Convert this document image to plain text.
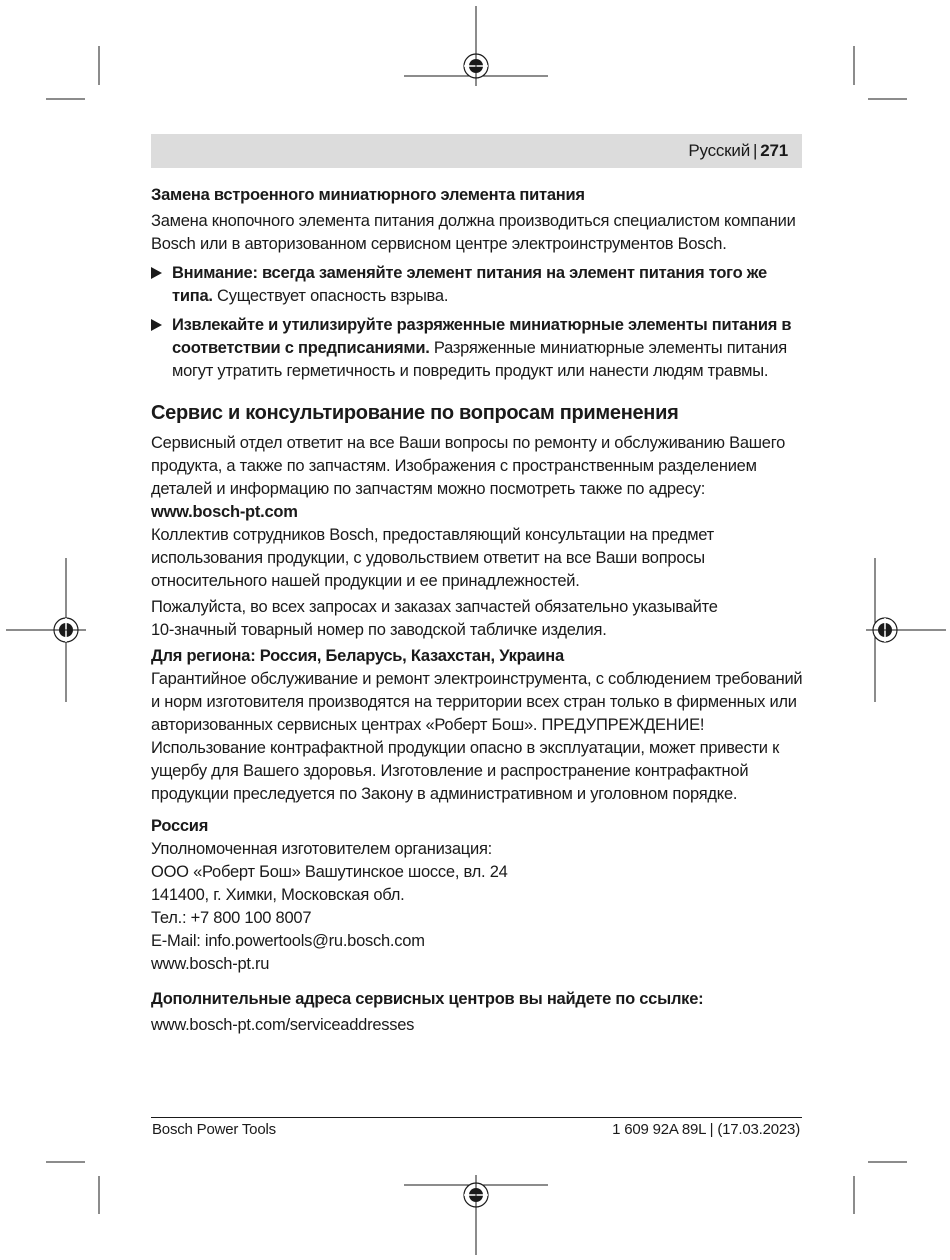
Русский | 271

Замена встроенного миниатюрного элемента питания

Замена кнопочного элемента питания должна производиться специалистом компании Bosch или в авторизованном сервисном центре электроинструментов Bosch.

Внимание: всегда заменяйте элемент питания на элемент питания того же типа. Существует опасность взрыва.

Извлекайте и утилизируйте разряженные миниатюрные элементы питания в соответствии с предписаниями. Разряженные миниатюрные элементы питания могут утратить герметичность и повредить продукт или нанести людям травмы.

Сервис и консультирование по вопросам применения

Сервисный отдел ответит на все Ваши вопросы по ремонту и обслуживанию Вашего продукта, а также по запчастям. Изображения с пространственным разделением деталей и информацию по запчастям можно посмотреть также по адресу:

www.bosch-pt.com

Коллектив сотрудников Bosch, предоставляющий консультации на предмет использования продукции, с удовольствием ответит на все Ваши вопросы относительного нашей продукции и ее принадлежностей.

Пожалуйста, во всех запросах и заказах запчастей обязательно указывайте 10‑значный товарный номер по заводской табличке изделия.

Для региона: Россия, Беларусь, Казахстан, Украина

Гарантийное обслуживание и ремонт электроинструмента, с соблюдением требований и норм изготовителя производятся на территории всех стран только в фирменных или авторизованных сервисных центрах «Роберт Бош». ПРЕДУПРЕЖДЕНИЕ! Использование контрафактной продукции опасно в эксплуатации, может привести к ущербу для Вашего здоровья. Изготовление и распространение контрафактной продукции преследуется по Закону в административном и уголовном порядке.

Россия

Уполномоченная изготовителем организация:

ООО «Роберт Бош» Вашутинское шоссе, вл. 24

141400, г. Химки, Московская обл.

Тел.: +7 800 100 8007

E-Mail: info.powertools@ru.bosch.com

www.bosch-pt.ru

Дополнительные адреса сервисных центров вы найдете по ссылке:

www.bosch-pt.com/serviceaddresses

Bosch Power Tools	1 609 92A 89L | (17.03.2023)
